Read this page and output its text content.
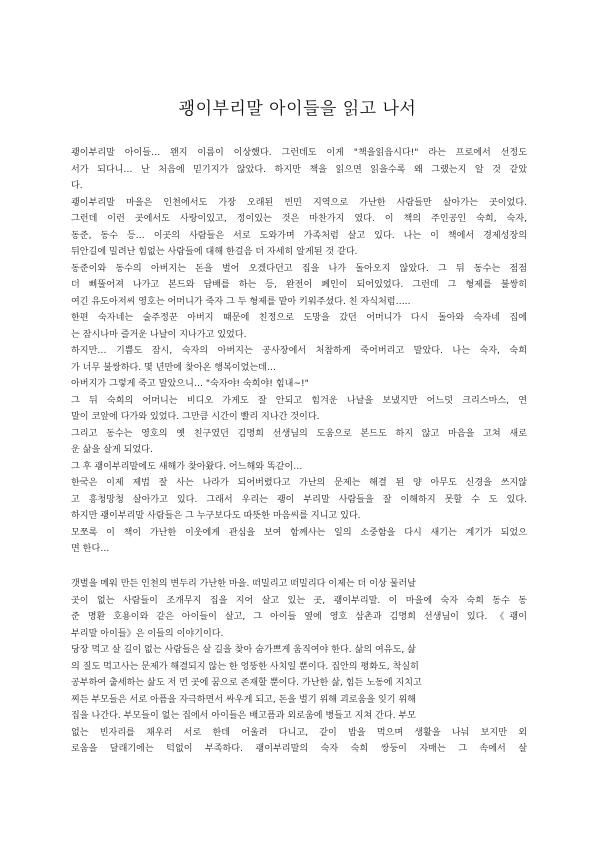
괭이부리말 아이들을 읽고 나서
괭이부리말 아이들… 왠지 이름이 이상했다. 그런데도 이게 "책을읽읍시다!" 라는 프로에서 선정도
서가 되다니… 난 처음에 믿기지가 않았다. 하지만 책을 읽으면 읽을수록 왜 그랬는지 알 것 같았
다.
괭이부리말 마을은 인천에서도 가장 오래된 빈민 지역으로 가난한 사람들만 살아가는 곳이었다.
그런데 이런 곳에서도 사랑이있고, 정이있는 것은 마찬가지 였다. 이 책의 주인공인 숙희, 숙자,
동준, 동수 등… 이곳의 사람들은 서로 도와가며 가족처럼 살고 있다. 나는 이 책에서 경제성장의
뒤안길에 밀려난 힘없는 사람들에 대해 한걸음 더 자세히 알게된 것 같다.
동준이와 동수의 아버지는 돈을 벌어 오겠다던고 집을 나가 돌아오지 않았다. 그 뒤 동수는 점점
더 삐뚤어져 나가고 본드와 담배를 하는 등, 완전이 폐인이 되어있었다. 그런데 그 형제를 불쌍히
여긴 유도아저씨 영호는 어머니가 죽자 그 두 형제를 맡아 키워주셨다. 친 자식처럼…..
한편 숙자네는 술주정꾼 아버지 때문에 친정으로 도망을 갔던 어머니가 다시 돌아와 숙자네 집에
는 잠시나마 즐거운 나날이 지나가고 있었다.
하지만… 기쁨도 잠시, 숙자의 아버지는 공사장에서 처참하게 죽어버리고 말았다. 나는 숙자, 숙희
가 너무 불쌍하다. 몇 년만에 찾아온 행복이었는데…
아버지가 그렇게 죽고 말았으니… "숙자야! 숙희야! 힘내~!"
그 뒤 숙희의 어머니는 비디오 가게도 잘 안되고 힘겨운 나날을 보냈지만 어느덧 크리스마스, 연
말이 코앞에 다가와 있었다. 그만큼 시간이 빨리 지나간 것이다.
그리고 동수는 영호의 옛 친구였던 김명희 선생님의 도움으로 본드도 하지 않고 마음을 고쳐 새로
운 삶을 살게 되었다.
그 후 괭이부리말에도 새해가 찾아왔다. 어느해와 똑같이…
한국은 이제 제법 잘 사는 나라가 되어버렸다고 가난의 문제는 해결 된 양 아무도 신경을 쓰지않
고 흥청망청 살아가고 있다. 그래서 우리는 괭이 부리말 사람들을 잘 이해하지 못할 수 도 있다.
하지만 괭이부리말 사람들은 그 누구보다도 따뜻한 마음씨를 지니고 있다.
모쪼록 이 책이 가난한 이웃에게 관심을 보여 함께사는 일의 소중함을 다시 새기는 계기가 되었으
면 한다…
갯벌을 메워 만든 인천의 변두리 가난한 마을. 떠밀리고 떠밀리다 이제는 더 이상 물러날
곳이 없는 사람들이 조개무지 집을 지어 살고 있는 곳, 괭이부리말. 이 마을에 숙자 숙희 동수 동
준 명환 호용이와 같은 아이들이 살고, 그 아이들 옆에 영호 삼촌과 김명희 선생님이 있다. 《괭이
부리말 아이들》은 이들의 이야기이다.
당장 먹고 살 길이 없는 사람들은 살 길을 찾아 숨가쁘게 움직여야 한다. 삶의 여유도, 삶
의 질도 먹고사는 문제가 해결되지 않는 한 엉뚱한 사치일 뿐이다. 집안의 평화도, 착실히
공부하여 출세하는 삶도 저 먼 곳에 꿈으로 존재할 뿐이다. 가난한 삶, 힘든 노동에 지치고
찌든 부모들은 서로 아픔을 자극하면서 싸우게 되고, 돈을 벌기 위해 괴로움을 잊기 위해
집을 나간다. 부모들이 없는 집에서 아이들은 배고픔과 외로움에 병들고 지쳐 간다. 부모
없는 빈자리를 채우러 서로 한데 어울려 다니고, 같이 밥을 먹으며 생활을 나눠 보지만 외
로움을 달래기에는 턱없이 부족하다. 괭이부리말의 숙자 숙희 쌍둥이 자매는 그 속에서 살
